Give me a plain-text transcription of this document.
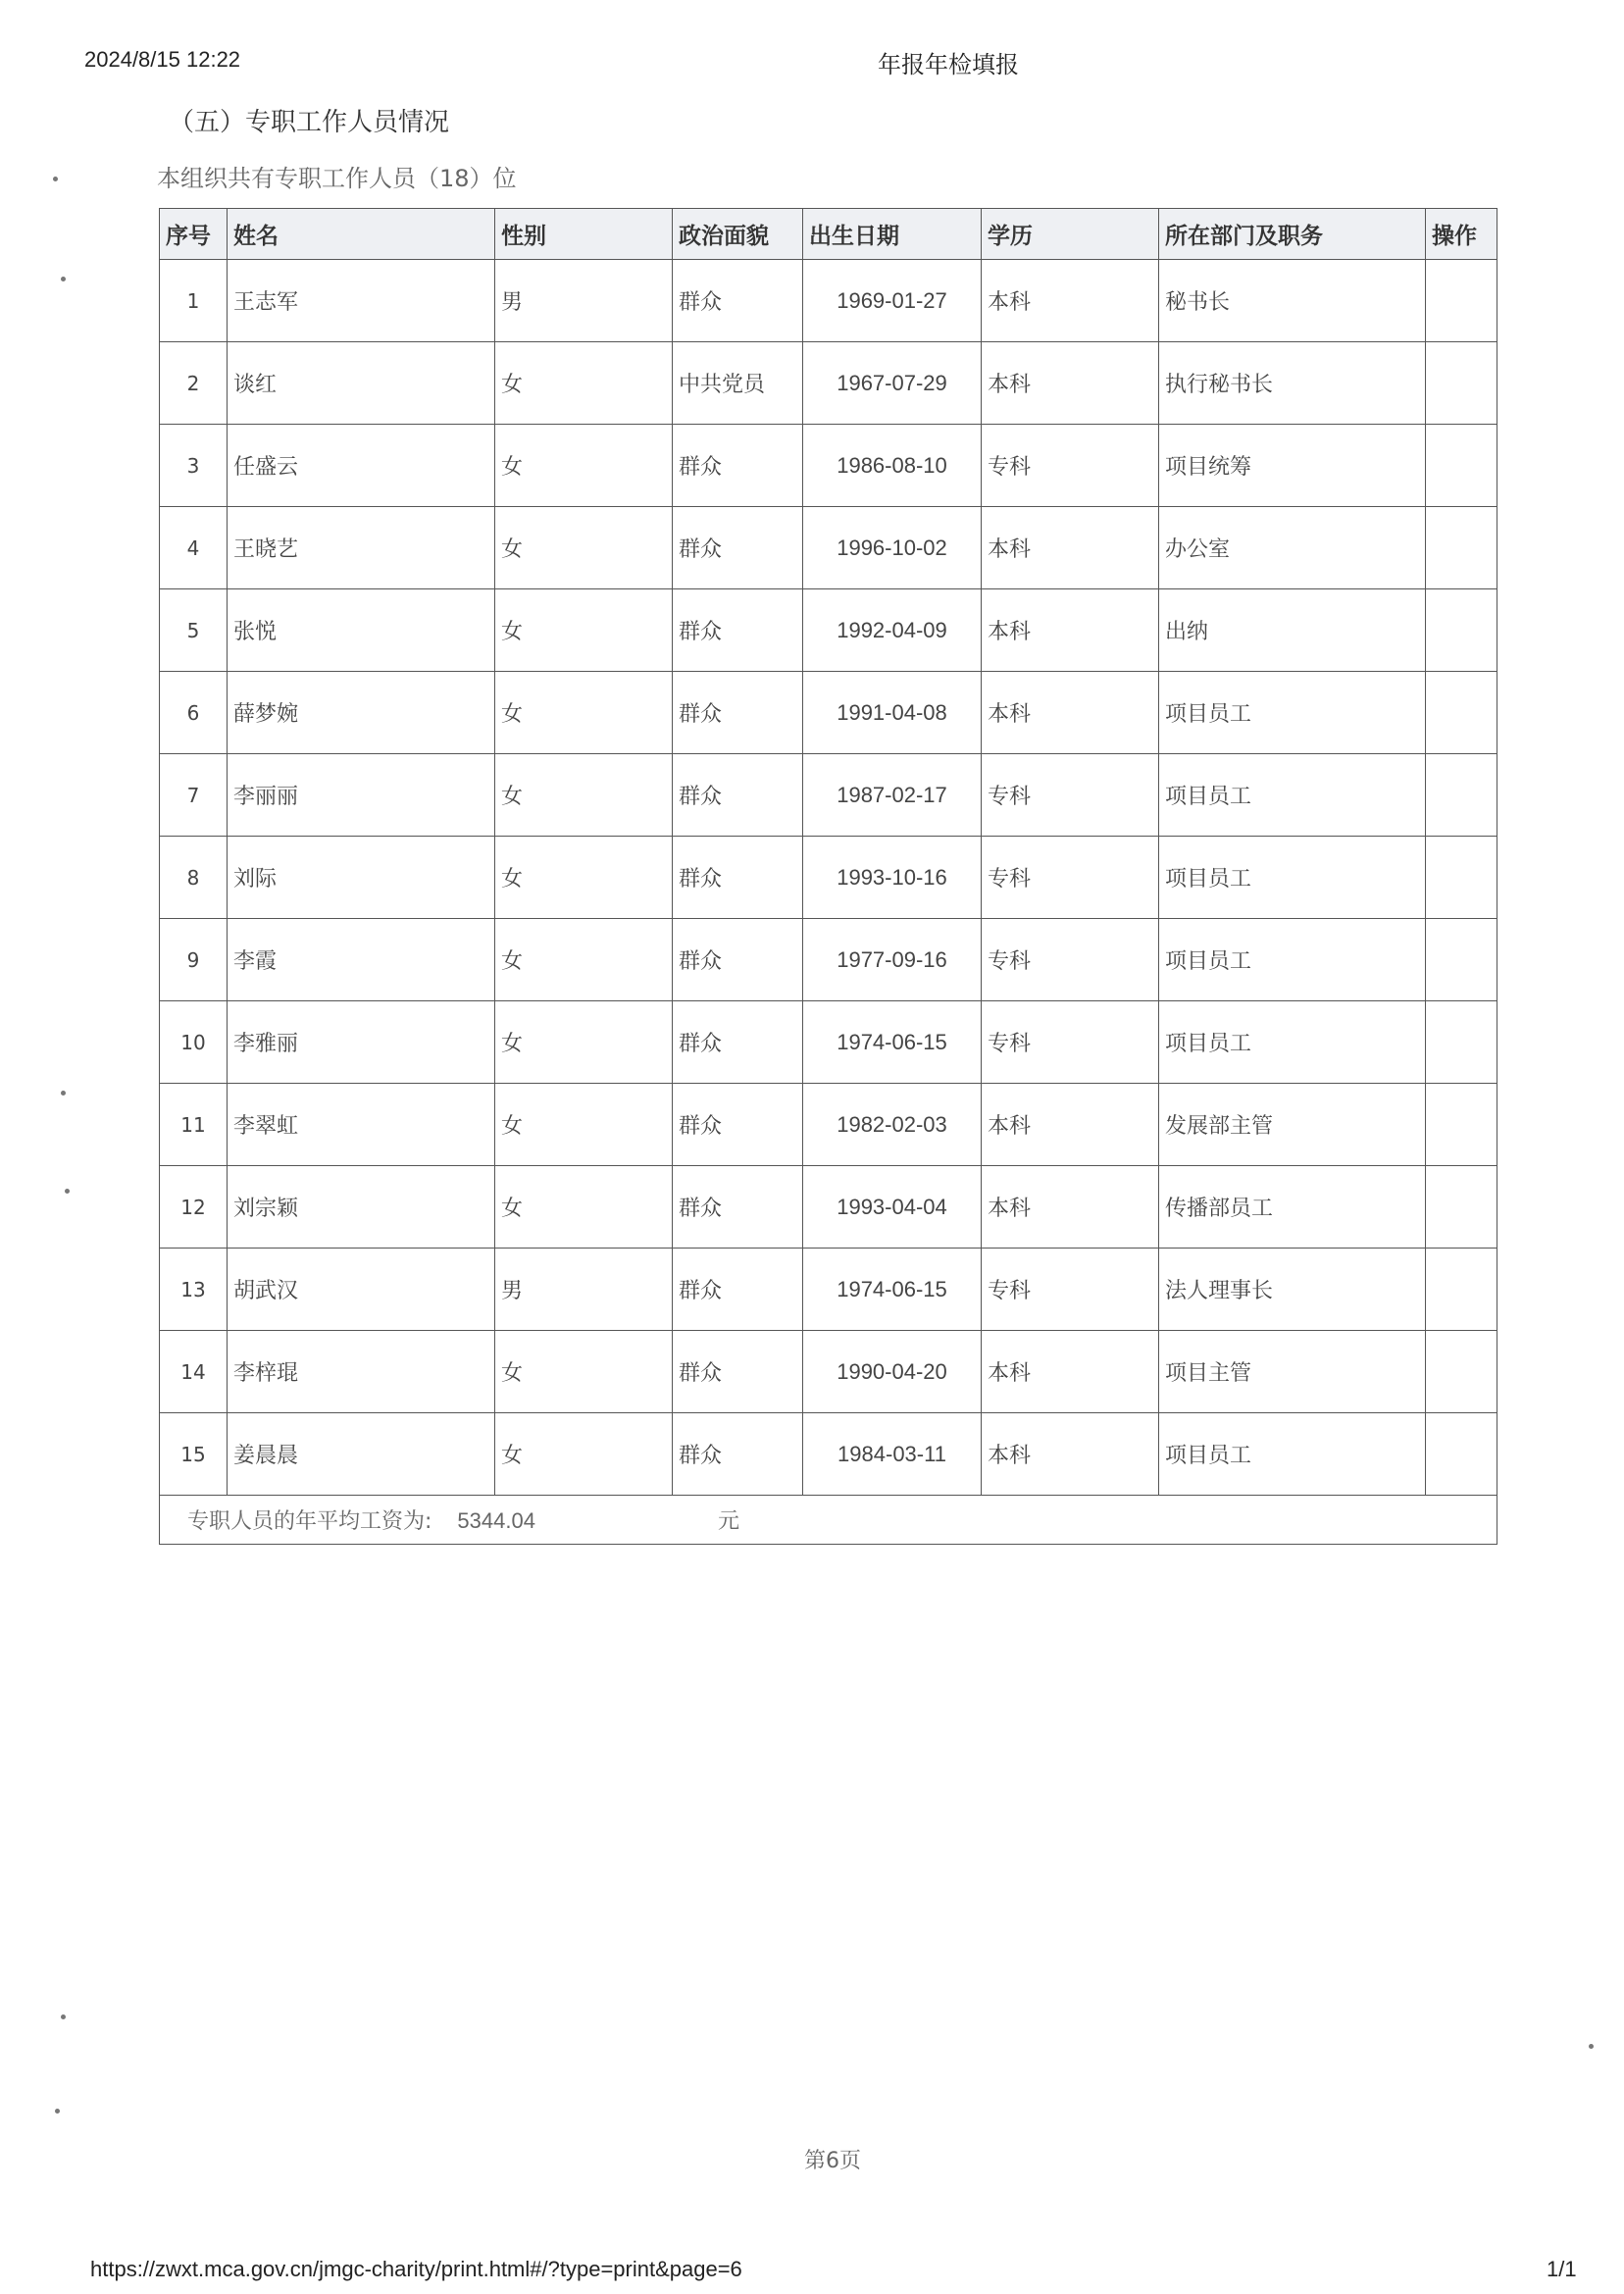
2024/8/15 12:22	年报年检填报
（五）专职工作人员情况
本组织共有专职工作人员（18）位
序号	姓名	性别	政治面貌	出生日期	学历	所在部门及职务	操作
1	王志军	男	群众	1969-01-27	本科	秘书长	
2	谈红	女	中共党员	1967-07-29	本科	执行秘书长	
3	任盛云	女	群众	1986-08-10	专科	项目统筹	
4	王晓艺	女	群众	1996-10-02	本科	办公室	
5	张悦	女	群众	1992-04-09	本科	出纳	
6	薛梦婉	女	群众	1991-04-08	本科	项目员工	
7	李丽丽	女	群众	1987-02-17	专科	项目员工	
8	刘际	女	群众	1993-10-16	专科	项目员工	
9	李霞	女	群众	1977-09-16	专科	项目员工	
10	李雅丽	女	群众	1974-06-15	专科	项目员工	
11	李翠虹	女	群众	1982-02-03	本科	发展部主管	
12	刘宗颖	女	群众	1993-04-04	本科	传播部员工	
13	胡武汉	男	群众	1974-06-15	专科	法人理事长	
14	李梓琨	女	群众	1990-04-20	本科	项目主管	
15	姜晨晨	女	群众	1984-03-11	本科	项目员工	
专职人员的年平均工资为: 5344.04 元							
第6页
https://zwxt.mca.gov.cn/jmgc-charity/print.html#/?type=print&page=6	1/1
